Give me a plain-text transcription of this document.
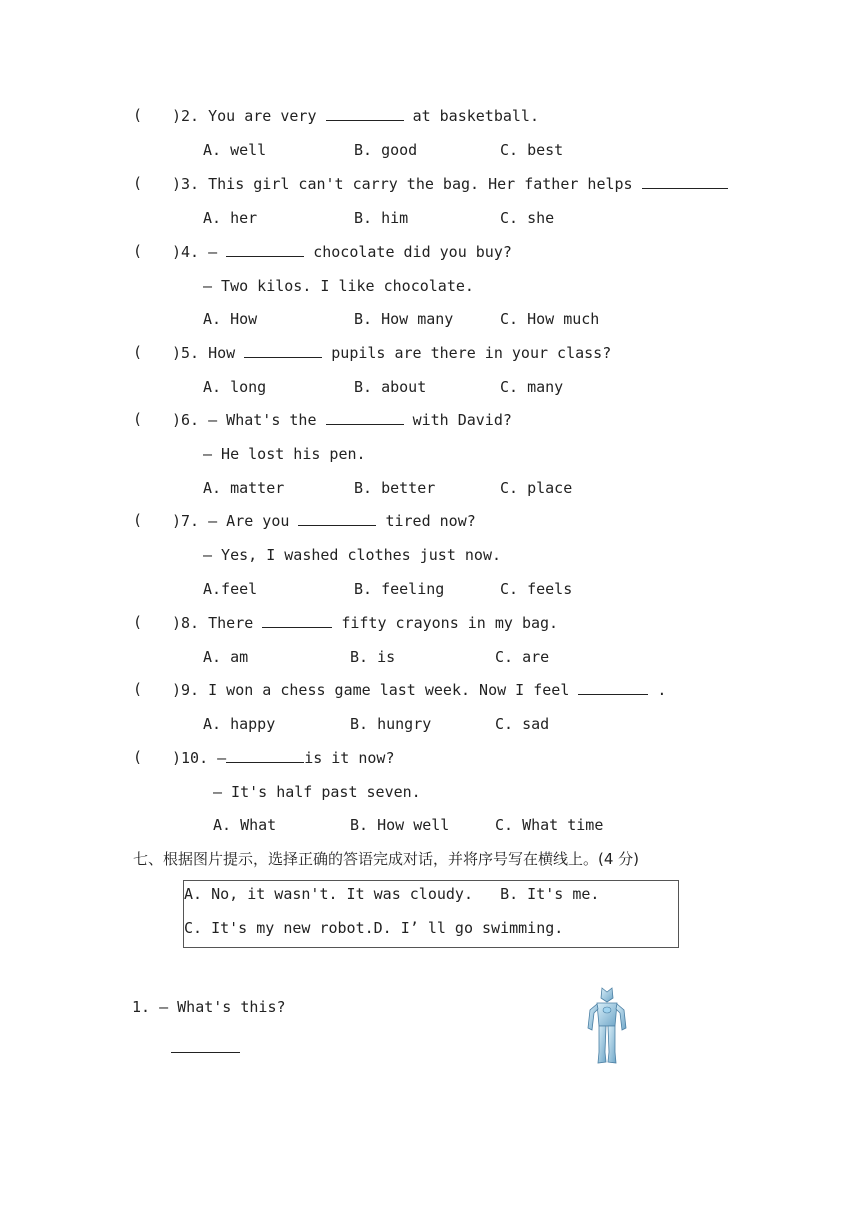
( )2. You are very	at basketball.
A. well	B. good	C. best
( )3. This girl can't carry the bag. Her father helps
A. her	B. him	C. she
( )4. —	chocolate did you buy?
— Two kilos. I like chocolate.
A. How	B. How many	C. How much
( )5. How	pupils are there in your class?
A. long	B. about	C. many
( )6. — What's the	with David?
— He lost his pen.
A. matter	B. better	C. place
( )7. — Are you	tired now?
— Yes, I washed clothes just now.
A.feel	B. feeling	C. feels
( )8. There	fifty crayons in my bag.
A. am	B. is	C. are
( )9. I won a chess game last week. Now I feel	.
A. happy	B. hungry	C. sad
( )10. —	is it now?
— It's half past seven.
A. What	B. How well	C. What time
七、根据图片提示，选择正确的答语完成对话，并将序号写在横线上。(4 分)
A. No, it wasn't. It was cloudy.   B. It's me.
C. It's my new robot.D. I’ ll go swimming.
1. — What's this?
